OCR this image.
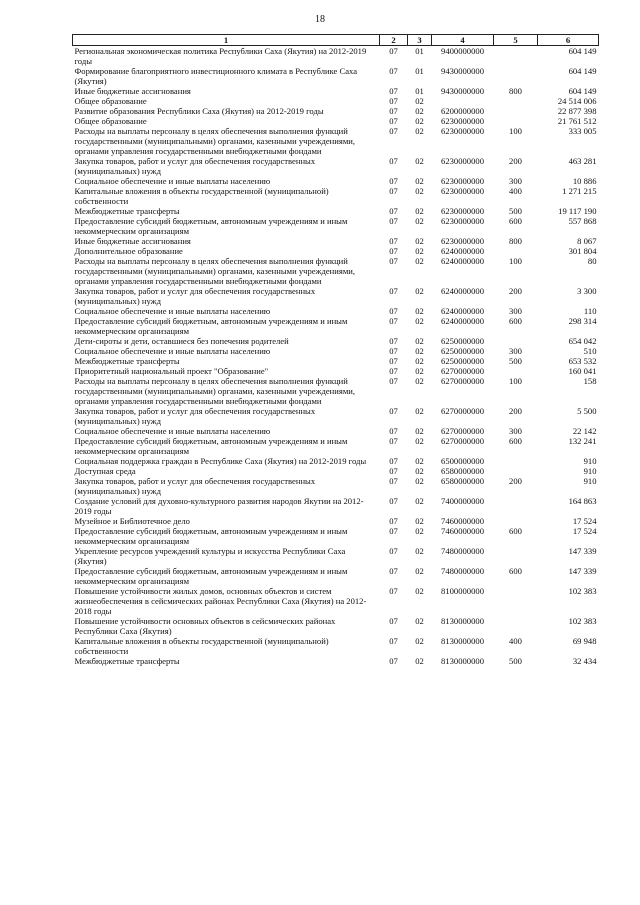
18
1	2	3	4	5	6
Региональная экономическая политика Республики Саха (Якутия) на 2012-2019 годы	07	01	9400000000		604 149
Формирование благоприятного инвестиционного климата в Республике Саха (Якутия)	07	01	9430000000		604 149
Иные бюджетные ассигнования	07	01	9430000000	800	604 149
Общее образование	07	02			24 514 006
Развитие образования Республики Саха (Якутия) на 2012-2019 годы	07	02	6200000000		22 877 398
Общее образование	07	02	6230000000		21 761 512
Расходы на выплаты персоналу в целях обеспечения выполнения функций государственными (муниципальными) органами, казенными учреждениями, органами управления государственными внебюджетными фондами	07	02	6230000000	100	333 005
Закупка товаров, работ и услуг для обеспечения государственных (муниципальных) нужд	07	02	6230000000	200	463 281
Социальное обеспечение и иные выплаты населению	07	02	6230000000	300	10 886
Капитальные вложения в объекты государственной (муниципальной) собственности	07	02	6230000000	400	1 271 215
Межбюджетные трансферты	07	02	6230000000	500	19 117 190
Предоставление субсидий бюджетным, автономным учреждениям и иным некоммерческим организациям	07	02	6230000000	600	557 868
Иные бюджетные ассигнования	07	02	6230000000	800	8 067
Дополнительное образование	07	02	6240000000		301 804
Расходы на выплаты персоналу в целях обеспечения выполнения функций государственными (муниципальными) органами, казенными учреждениями, органами управления государственными внебюджетными фондами	07	02	6240000000	100	80
Закупка товаров, работ и услуг для обеспечения государственных (муниципальных) нужд	07	02	6240000000	200	3 300
Социальное обеспечение и иные выплаты населению	07	02	6240000000	300	110
Предоставление субсидий бюджетным, автономным учреждениям и иным некоммерческим организациям	07	02	6240000000	600	298 314
Дети-сироты и дети, оставшиеся без попечения родителей	07	02	6250000000		654 042
Социальное обеспечение и иные выплаты населению	07	02	6250000000	300	510
Межбюджетные трансферты	07	02	6250000000	500	653 532
Приоритетный национальный проект "Образование"	07	02	6270000000		160 041
Расходы на выплаты персоналу в целях обеспечения выполнения функций государственными (муниципальными) органами, казенными учреждениями, органами управления государственными внебюджетными фондами	07	02	6270000000	100	158
Закупка товаров, работ и услуг для обеспечения государственных (муниципальных) нужд	07	02	6270000000	200	5 500
Социальное обеспечение и иные выплаты населению	07	02	6270000000	300	22 142
Предоставление субсидий бюджетным, автономным учреждениям и иным некоммерческим организациям	07	02	6270000000	600	132 241
Социальная поддержка граждан в Республике Саха (Якутия) на 2012-2019 годы	07	02	6500000000		910
Доступная среда	07	02	6580000000		910
Закупка товаров, работ и услуг для обеспечения государственных (муниципальных) нужд	07	02	6580000000	200	910
Создание условий для духовно-культурного развития народов Якутии на 2012-2019 годы	07	02	7400000000		164 863
Музейное и Библиотечное дело	07	02	7460000000		17 524
Предоставление субсидий бюджетным, автономным учреждениям и иным некоммерческим организациям	07	02	7460000000	600	17 524
Укрепление ресурсов учреждений культуры и искусства Республики Саха (Якутия)	07	02	7480000000		147 339
Предоставление субсидий бюджетным, автономным учреждениям и иным некоммерческим организациям	07	02	7480000000	600	147 339
Повышение устойчивости жилых домов, основных объектов и систем жизнеобеспечения в сейсмических районах Республики Саха (Якутия) на 2012-2018 годы	07	02	8100000000		102 383
Повышение устойчивости основных объектов в сейсмических районах Республики Саха (Якутия)	07	02	8130000000		102 383
Капитальные вложения в объекты государственной (муниципальной) собственности	07	02	8130000000	400	69 948
Межбюджетные трансферты	07	02	8130000000	500	32 434
